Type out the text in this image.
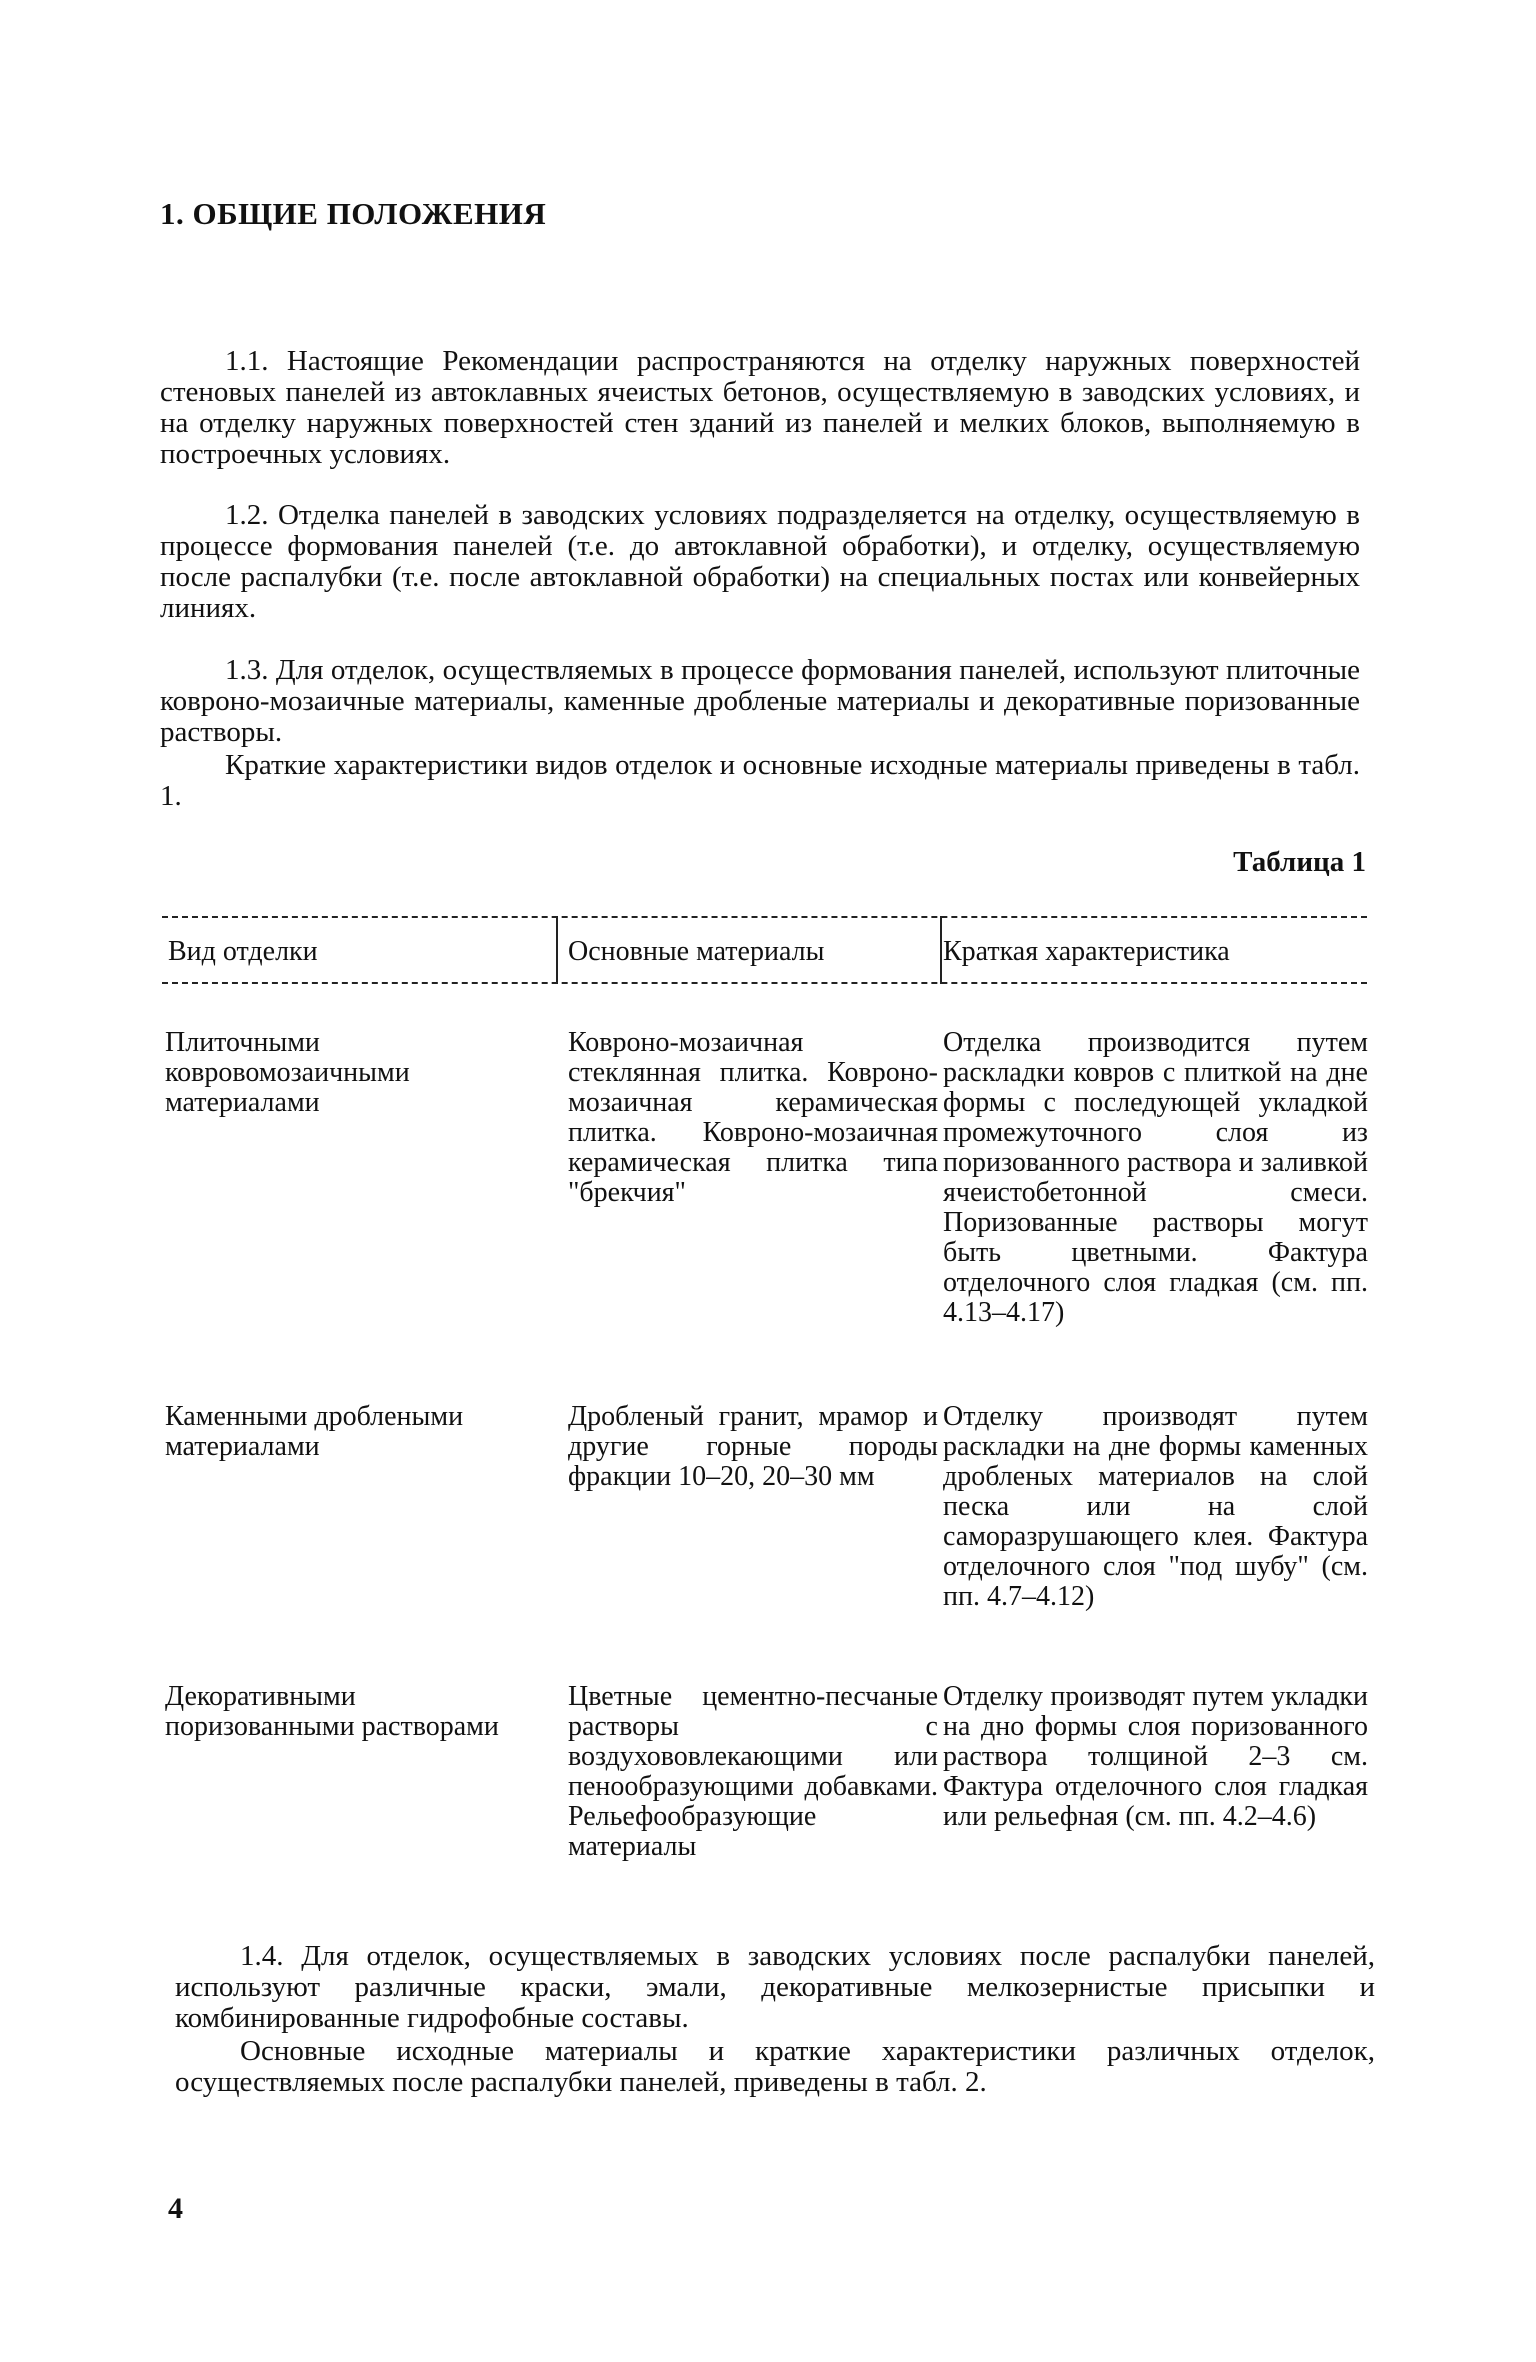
1. ОБЩИЕ ПОЛОЖЕНИЯ

1.1. Настоящие Рекомендации распространяются на отделку наружных поверхностей стеновых панелей из автоклавных ячеистых бетонов, осуществляемую в заводских условиях, и на отделку наружных поверхностей стен зданий из панелей и мелких блоков, выполняемую в построечных условиях.

1.2. Отделка панелей в заводских условиях подразделяется на отделку, осуществляемую в процессе формования панелей (т.е. до автоклавной обработки), и отделку, осуществляемую после распалубки (т.е. после автоклавной обработки) на специальных постах или конвейерных линиях.

1.3. Для отделок, осуществляемых в процессе формования панелей, используют плиточные ковроно-мозаичные материалы, каменные дробленые материалы и декоративные поризованные растворы.

Краткие характеристики видов отделок и основные исходные материалы приведены в табл. 1.

Таблица 1
Вид отделки	Основные материалы	Краткая характеристика

Плиточными ковровомозаичными материалами

Ковроно-мозаичная стеклянная плитка. Ковроно-мозаичная керамическая плитка. Ковроно-мозаичная керамическая плитка типа "брекчия"

Отделка производится путем раскладки ковров с плиткой на дне формы с последующей укладкой промежуточного слоя из поризованного раствора и заливкой ячеистобетонной смеси. Поризованные растворы могут быть цветными. Фактура отделочного слоя гладкая (см. пп. 4.13–4.17)

Каменными дроблеными материалами

Дробленый гранит, мрамор и другие горные породы фракции 10–20, 20–30 мм

Отделку производят путем раскладки на дне формы каменных дробленых материалов на слой песка или на слой саморазрушающего клея. Фактура отделочного слоя "под шубу" (см. пп. 4.7–4.12)

Декоративными поризованными растворами

Цветные цементно-песчаные растворы с воздухововлекающими или пенообразующими добавками. Рельефообразующие материалы

Отделку производят путем укладки на дно формы слоя поризованного раствора толщиной 2–3 см. Фактура отделочного слоя гладкая или рельефная (см. пп. 4.2–4.6)

1.4. Для отделок, осуществляемых в заводских условиях после распалубки панелей, используют различные краски, эмали, декоративные мелкозернистые присыпки и комбинированные гидрофобные составы.

Основные исходные материалы и краткие характеристики различных отделок, осуществляемых после распалубки панелей, приведены в табл. 2.

4
